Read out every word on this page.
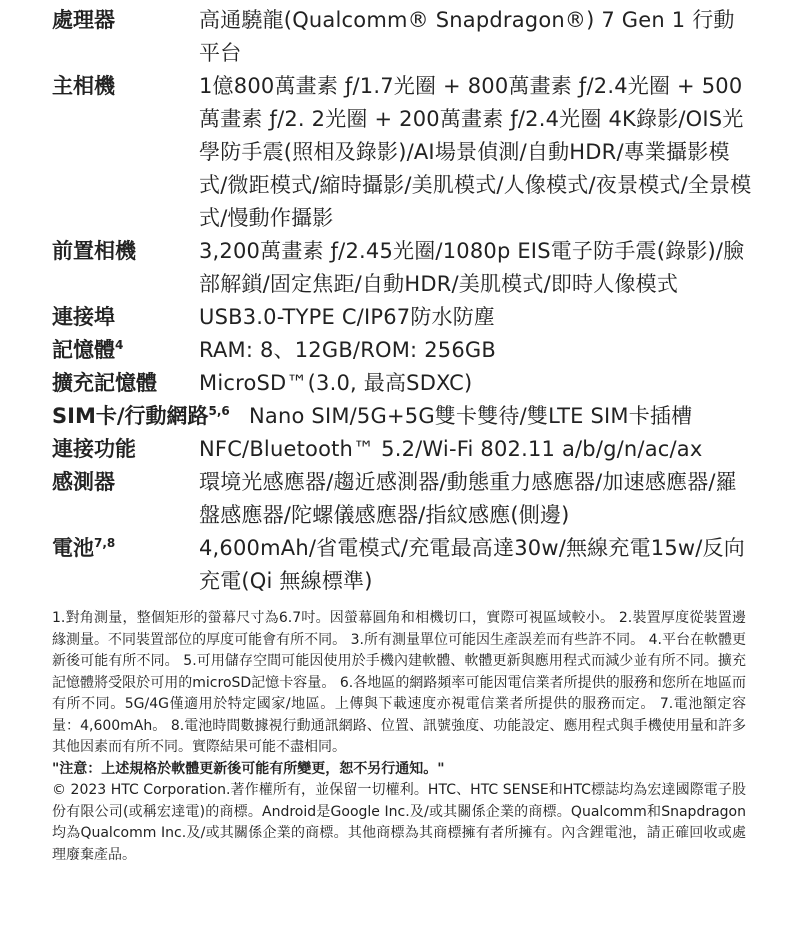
處理器	高通驍龍(Qualcomm® Snapdragon®) 7 Gen 1 行動平台
主相機	1億800萬畫素 ƒ/1.7光圈 + 800萬畫素 ƒ/2.4光圈 + 500萬畫素 ƒ/2. 2光圈 + 200萬畫素 ƒ/2.4光圈 4K錄影/OIS光學防手震(照相及錄影)/AI場景偵測/自動HDR/專業攝影模式/微距模式/縮時攝影/美肌模式/人像模式/夜景模式/全景模式/慢動作攝影
前置相機	3,200萬畫素 ƒ/2.45光圈/1080p EIS電子防手震(錄影)/臉部解鎖/固定焦距/自動HDR/美肌模式/即時人像模式
連接埠	USB3.0-TYPE C/IP67防水防塵
記憶體$^4$	RAM: 8、12GB/ROM: 256GB
擴充記憶體 MicroSD™(3.0, 最高SDXC)
SIM卡/行動網路$^{5,6}$ Nano SIM/5G+5G雙卡雙待/雙LTE SIM卡插槽
連接功能	NFC/Bluetooth™ 5.2/Wi-Fi 802.11 a/b/g/n/ac/ax
感測器	環境光感應器/趨近感測器/動態重力感應器/加速感應器/羅盤感應器/陀螺儀感應器/指紋感應(側邊)
電池$^{7,8}$	4,600mAh/省電模式/充電最高達30w/無線充電15w/反向充電(Qi 無線標準)

1.對角測量，整個矩形的螢幕尺寸為6.7吋。因螢幕圓角和相機切口，實際可視區域較小。 2.裝置厚度從裝置邊緣測量。不同裝置部位的厚度可能會有所不同。 3.所有測量單位可能因生產誤差而有些許不同。 4.平台在軟體更新後可能有所不同。 5.可用儲存空間可能因使用於手機內建軟體、軟體更新與應用程式而減少並有所不同。擴充記憶體將受限於可用的microSD記憶卡容量。 6.各地區的網路頻率可能因電信業者所提供的服務和您所在地區而有所不同。5G/4G僅適用於特定國家/地區。上傳與下載速度亦視電信業者所提供的服務而定。 7.電池額定容量：4,600mAh。 8.電池時間數據視行動通訊網路、位置、訊號強度、功能設定、應用程式與手機使用量和許多其他因素而有所不同。實際結果可能不盡相同。

"注意：上述規格於軟體更新後可能有所變更，恕不另行通知。"

© 2023 HTC Corporation.著作權所有，並保留一切權利。HTC、HTC SENSE和HTC標誌均為宏達國際電子股份有限公司(或稱宏達電)的商標。Android是Google Inc.及/或其關係企業的商標。Qualcomm和Snapdragon均為Qualcomm Inc.及/或其關係企業的商標。其他商標為其商標擁有者所擁有。內含鋰電池，請正確回收或處理廢棄產品。
